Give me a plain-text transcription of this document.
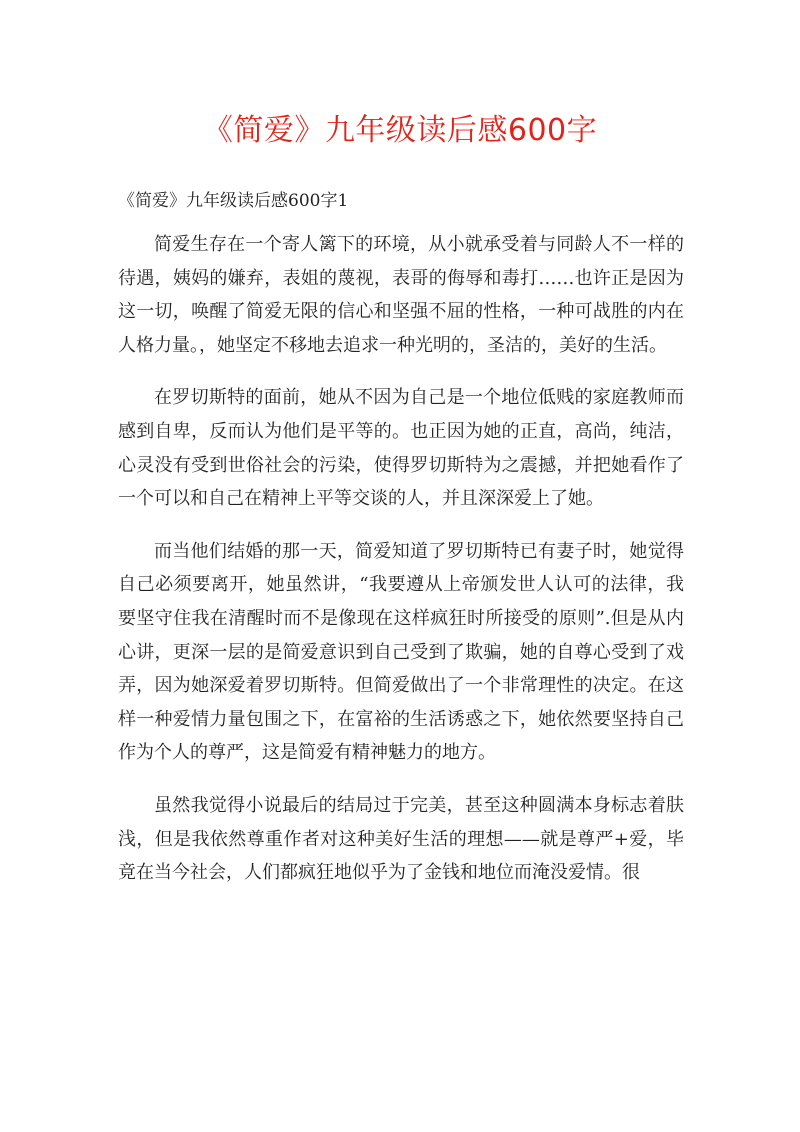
《简爱》九年级读后感600字
《简爱》九年级读后感600字1

简爱生存在一个寄人篱下的环境，从小就承受着与同龄人不一样的待遇，姨妈的嫌弃，表姐的蔑视，表哥的侮辱和毒打……也许正是因为这一切，唤醒了简爱无限的信心和坚强不屈的性格，一种可战胜的内在人格力量。，她坚定不移地去追求一种光明的，圣洁的，美好的生活。

在罗切斯特的面前，她从不因为自己是一个地位低贱的家庭教师而感到自卑，反而认为他们是平等的。也正因为她的正直，高尚，纯洁，心灵没有受到世俗社会的污染，使得罗切斯特为之震撼，并把她看作了一个可以和自己在精神上平等交谈的人，并且深深爱上了她。

而当他们结婚的那一天，简爱知道了罗切斯特已有妻子时，她觉得自己必须要离开，她虽然讲，“我要遵从上帝颁发世人认可的法律，我要坚守住我在清醒时而不是像现在这样疯狂时所接受的原则”.但是从内心讲，更深一层的是简爱意识到自己受到了欺骗，她的自尊心受到了戏弄，因为她深爱着罗切斯特。但简爱做出了一个非常理性的决定。在这样一种爱情力量包围之下，在富裕的生活诱惑之下，她依然要坚持自己作为个人的尊严，这是简爱有精神魅力的地方。

虽然我觉得小说最后的结局过于完美，甚至这种圆满本身标志着肤浅，但是我依然尊重作者对这种美好生活的理想——就是尊严+爱，毕竟在当今社会，人们都疯狂地似乎为了金钱和地位而淹没爱情。很
